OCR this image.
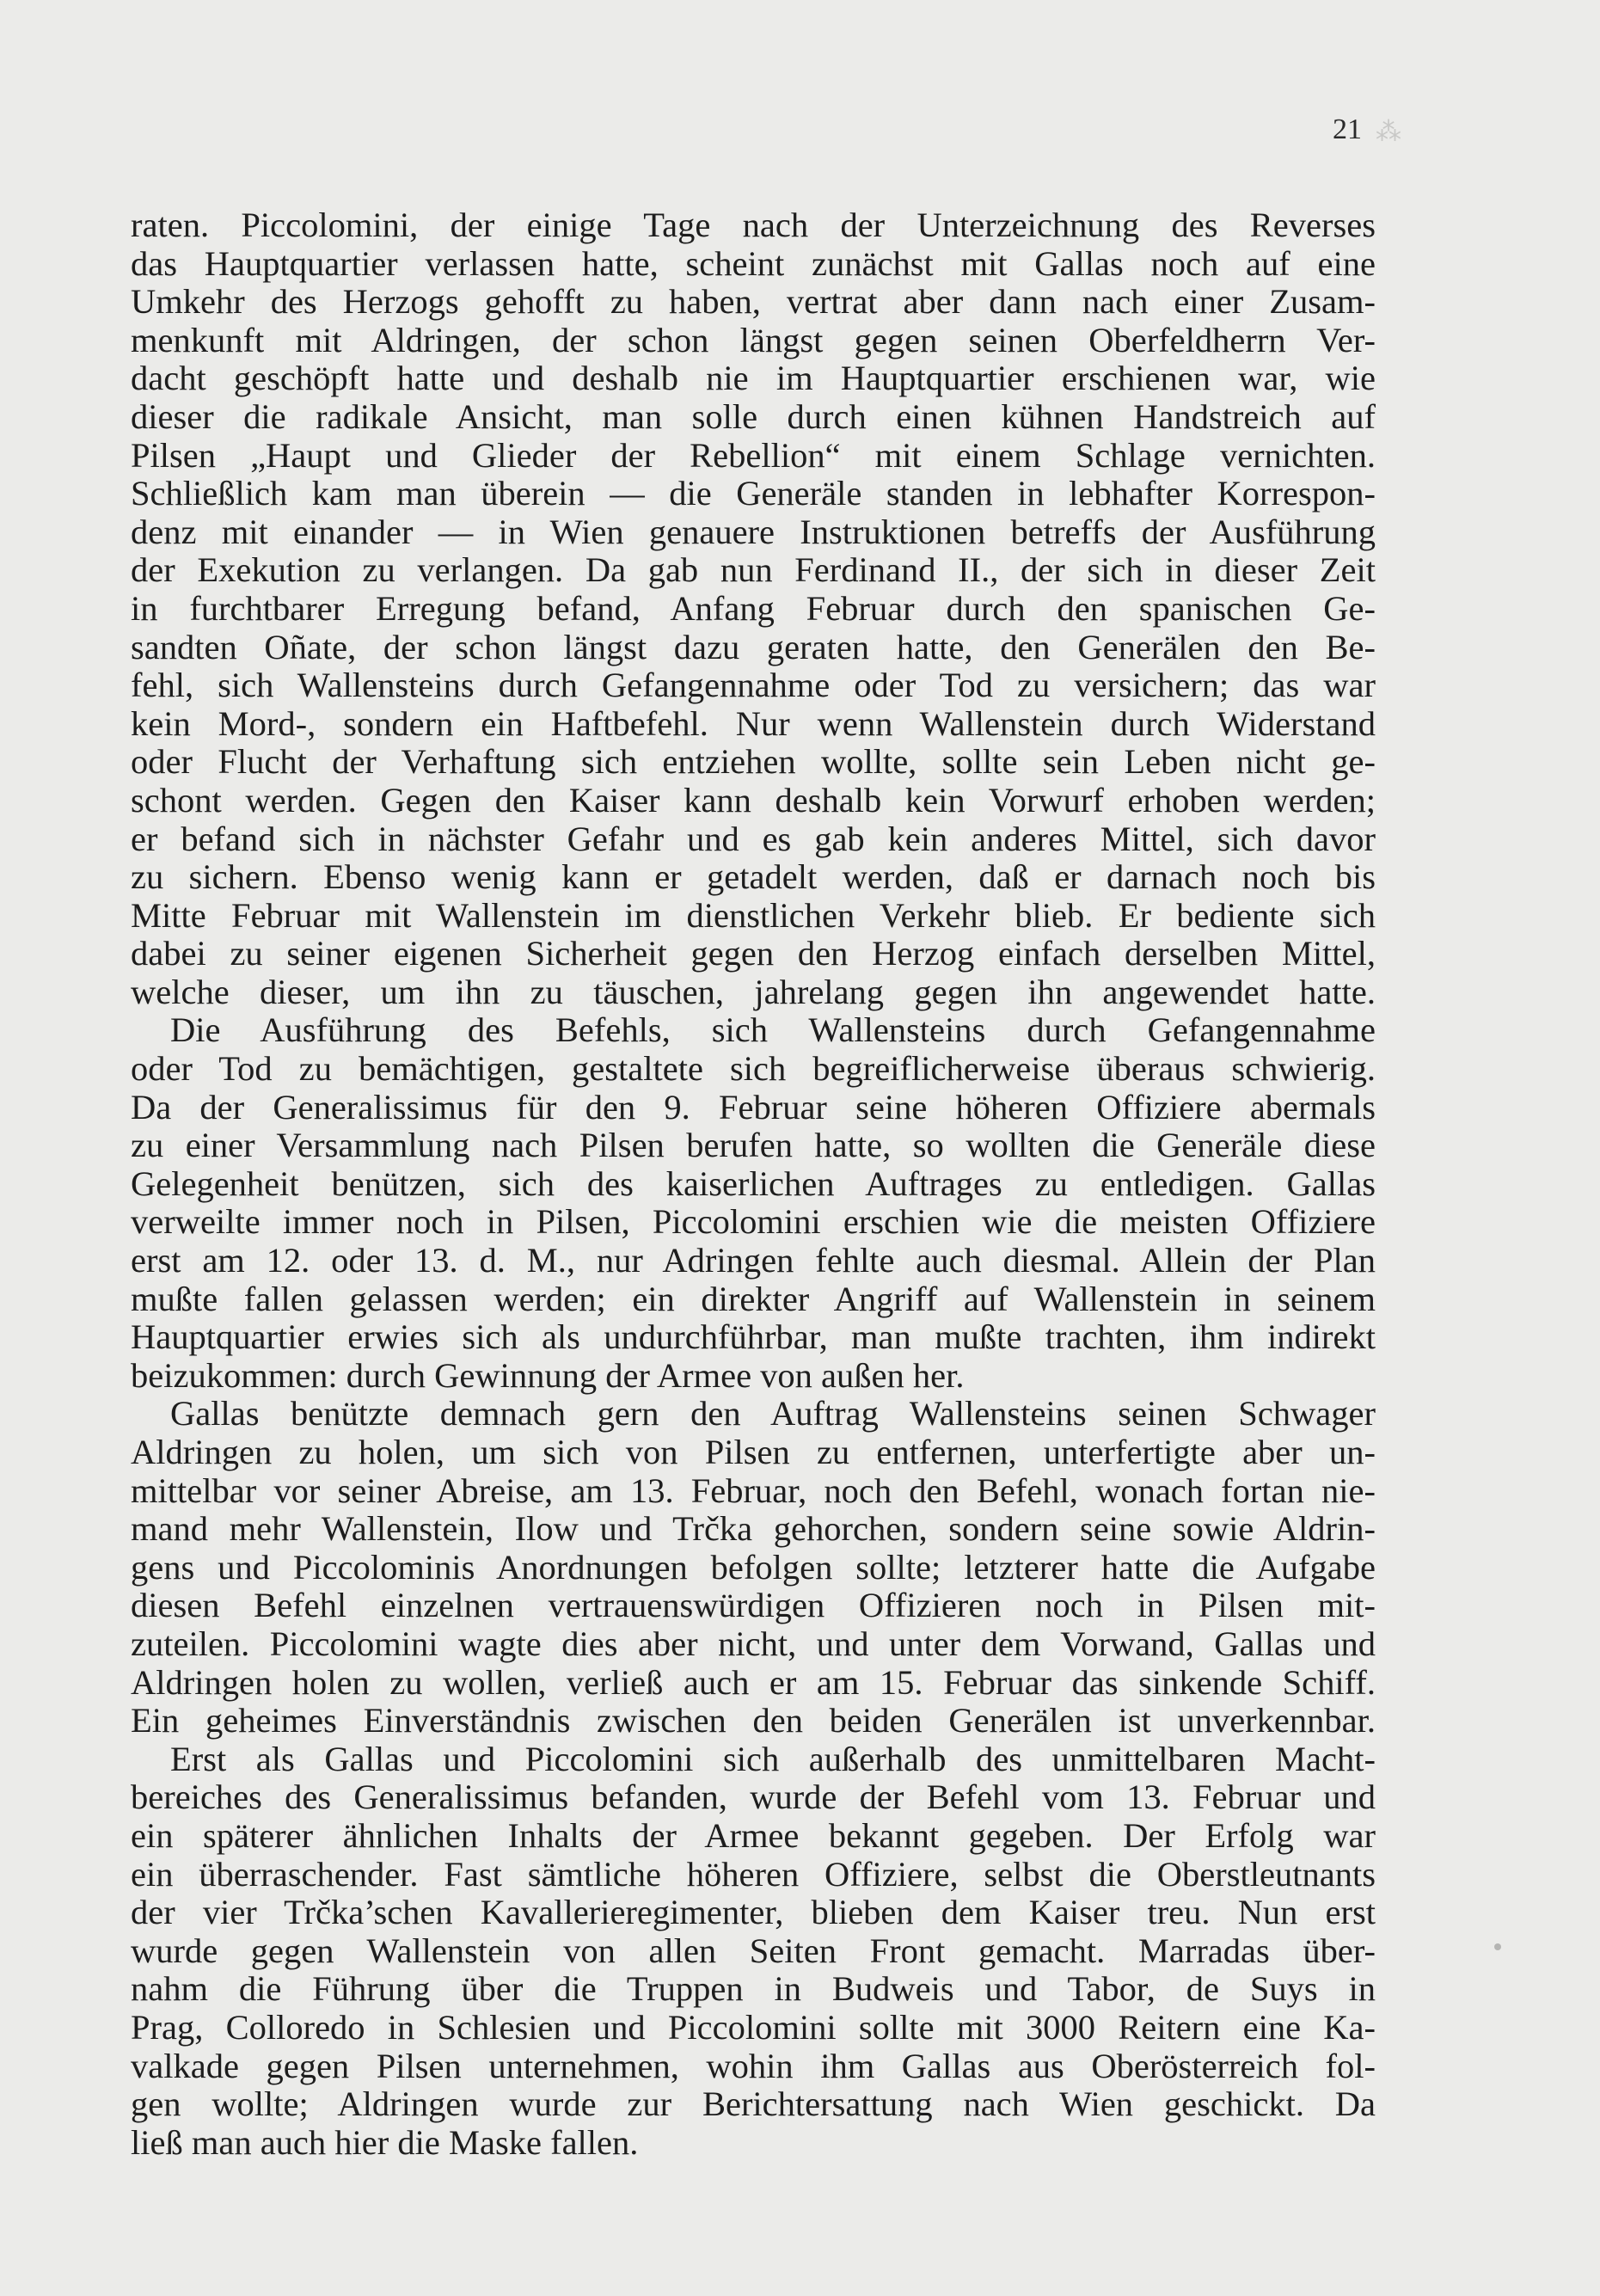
⁂
21
raten. Piccolomini, der einige Tage nach der Unterzeichnung des Reverses
das Hauptquartier verlassen hatte, scheint zunächst mit Gallas noch auf eine
Umkehr des Herzogs gehofft zu haben, vertrat aber dann nach einer Zusam-
menkunft mit Aldringen, der schon längst gegen seinen Oberfeldherrn Ver-
dacht geschöpft hatte und deshalb nie im Hauptquartier erschienen war, wie
dieser die radikale Ansicht, man solle durch einen kühnen Handstreich auf
Pilsen „Haupt und Glieder der Rebellion“ mit einem Schlage vernichten.
Schließlich kam man überein — die Generäle standen in lebhafter Korrespon-
denz mit einander — in Wien genauere Instruktionen betreffs der Ausführung
der Exekution zu verlangen. Da gab nun Ferdinand II., der sich in dieser Zeit
in furchtbarer Erregung befand, Anfang Februar durch den spanischen Ge-
sandten Oñate, der schon längst dazu geraten hatte, den Generälen den Be-
fehl, sich Wallensteins durch Gefangennahme oder Tod zu versichern; das war
kein Mord-, sondern ein Haftbefehl. Nur wenn Wallenstein durch Widerstand
oder Flucht der Verhaftung sich entziehen wollte, sollte sein Leben nicht ge-
schont werden. Gegen den Kaiser kann deshalb kein Vorwurf erhoben werden;
er befand sich in nächster Gefahr und es gab kein anderes Mittel, sich davor
zu sichern. Ebenso wenig kann er getadelt werden, daß er darnach noch bis
Mitte Februar mit Wallenstein im dienstlichen Verkehr blieb. Er bediente sich
dabei zu seiner eigenen Sicherheit gegen den Herzog einfach derselben Mittel,
welche dieser, um ihn zu täuschen, jahrelang gegen ihn angewendet hatte.
Die Ausführung des Befehls, sich Wallensteins durch Gefangennahme
oder Tod zu bemächtigen, gestaltete sich begreiflicherweise überaus schwierig.
Da der Generalissimus für den 9. Februar seine höheren Offiziere abermals
zu einer Versammlung nach Pilsen berufen hatte, so wollten die Generäle diese
Gelegenheit benützen, sich des kaiserlichen Auftrages zu entledigen. Gallas
verweilte immer noch in Pilsen, Piccolomini erschien wie die meisten Offiziere
erst am 12. oder 13. d. M., nur Adringen fehlte auch diesmal. Allein der Plan
mußte fallen gelassen werden; ein direkter Angriff auf Wallenstein in seinem
Hauptquartier erwies sich als undurchführbar, man mußte trachten, ihm indirekt
beizukommen: durch Gewinnung der Armee von außen her.
Gallas benützte demnach gern den Auftrag Wallensteins seinen Schwager
Aldringen zu holen, um sich von Pilsen zu entfernen, unterfertigte aber un-
mittelbar vor seiner Abreise, am 13. Februar, noch den Befehl, wonach fortan nie-
mand mehr Wallenstein, Ilow und Trčka gehorchen, sondern seine sowie Aldrin-
gens und Piccolominis Anordnungen befolgen sollte; letzterer hatte die Aufgabe
diesen Befehl einzelnen vertrauenswürdigen Offizieren noch in Pilsen mit-
zuteilen. Piccolomini wagte dies aber nicht, und unter dem Vorwand, Gallas und
Aldringen holen zu wollen, verließ auch er am 15. Februar das sinkende Schiff.
Ein geheimes Einverständnis zwischen den beiden Generälen ist unverkennbar.
Erst als Gallas und Piccolomini sich außerhalb des unmittelbaren Macht-
bereiches des Generalissimus befanden, wurde der Befehl vom 13. Februar und
ein späterer ähnlichen Inhalts der Armee bekannt gegeben. Der Erfolg war
ein überraschender. Fast sämtliche höheren Offiziere, selbst die Oberstleutnants
der vier Trčka’schen Kavallerieregimenter, blieben dem Kaiser treu. Nun erst
wurde gegen Wallenstein von allen Seiten Front gemacht. Marradas über-
nahm die Führung über die Truppen in Budweis und Tabor, de Suys in
Prag, Colloredo in Schlesien und Piccolomini sollte mit 3000 Reitern eine Ka-
valkade gegen Pilsen unternehmen, wohin ihm Gallas aus Oberösterreich fol-
gen wollte; Aldringen wurde zur Berichtersattung nach Wien geschickt. Da
ließ man auch hier die Maske fallen.
